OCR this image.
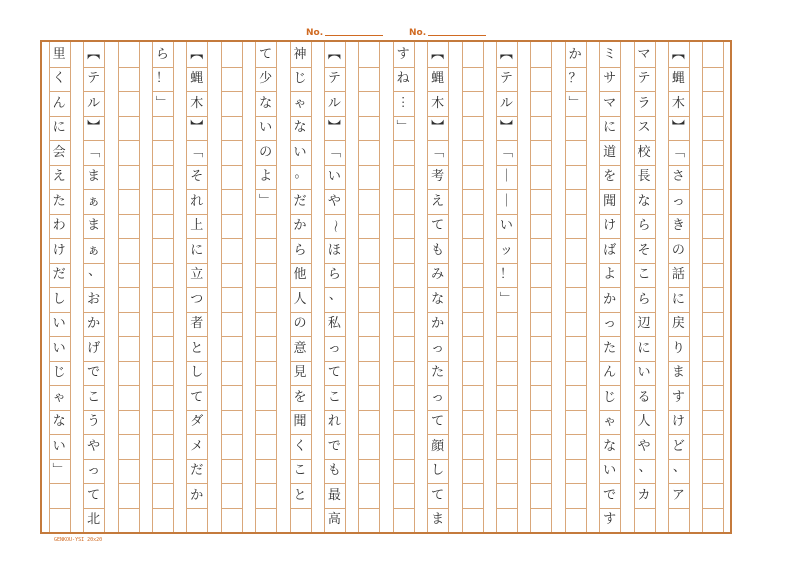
No.	No.
里
く
ん
に
会
え
た
わ
け
だ
し
い
い
じ
ゃ
な
い
﹂
︻
テ
ル
︼
﹁
ま
ぁ
ま
ぁ
、
お
か
げ
で
こ
う
や
っ
て
北
ら
！
﹂
︻
蝿
木
︼
﹁
そ
れ
上
に
立
つ
者
と
し
て
ダ
メ
だ
か
て
少
な
い
の
よ
﹂
神
じ
ゃ
な
い
。
だ
か
ら
他
人
の
意
見
を
聞
く
こ
と
︻
テ
ル
︼
﹁
い
や
～
ほ
ら
、
私
っ
て
こ
れ
で
も
最
高
す
ね
︙
﹂
︻
蝿
木
︼
﹁
考
え
て
も
み
な
か
っ
た
っ
て
顔
し
て
ま
︻
テ
ル
︼
﹁
｜
｜
い
ッ
！
﹂
か
？
﹂
ミ
サ
マ
に
道
を
聞
け
ば
よ
か
っ
た
ん
じ
ゃ
な
い
で
す
マ
テ
ラ
ス
校
長
な
ら
そ
こ
ら
辺
に
い
る
人
や
、
カ
︻
蝿
木
︼
﹁
さ
っ
き
の
話
に
戻
り
ま
す
け
ど
、
ア
GENKOU-YSI 20x20
